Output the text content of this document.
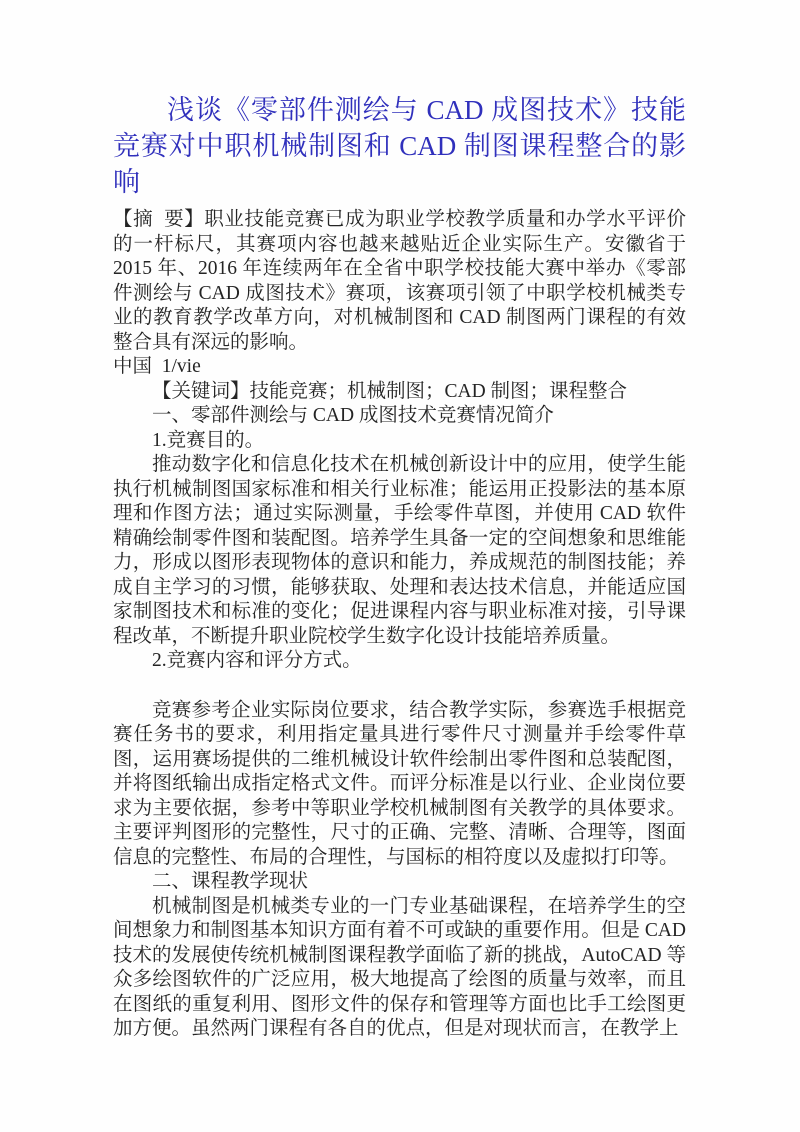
浅谈《零部件测绘与 CAD 成图技术》技能竞赛对中职机械制图和 CAD 制图课程整合的影响

【摘  要】职业技能竞赛已成为职业学校教学质量和办学水平评价的一杆标尺，其赛项内容也越来越贴近企业实际生产。安徽省于 2015 年、2016 年连续两年在全省中职学校技能大赛中举办《零部件测绘与 CAD 成图技术》赛项，该赛项引领了中职学校机械类专业的教育教学改革方向，对机械制图和 CAD 制图两门课程的有效整合具有深远的影响。

中国  1/vie

【关键词】技能竞赛；机械制图；CAD 制图；课程整合

一、零部件测绘与 CAD 成图技术竞赛情况简介

1.竞赛目的。

推动数字化和信息化技术在机械创新设计中的应用，使学生能执行机械制图国家标准和相关行业标准；能运用正投影法的基本原理和作图方法；通过实际测量，手绘零件草图，并使用 CAD 软件精确绘制零件图和装配图。培养学生具备一定的空间想象和思维能力，形成以图形表现物体的意识和能力，养成规范的制图技能；养成自主学习的习惯，能够获取、处理和表达技术信息，并能适应国家制图技术和标准的变化；促进课程内容与职业标准对接，引导课程改革，不断提升职业院校学生数字化设计技能培养质量。

2.竞赛内容和评分方式。

竞赛参考企业实际岗位要求，结合教学实际，参赛选手根据竞赛任务书的要求，利用指定量具进行零件尺寸测量并手绘零件草图，运用赛场提供的二维机械设计软件绘制出零件图和总装配图，并将图纸输出成指定格式文件。而评分标准是以行业、企业岗位要求为主要依据，参考中等职业学校机械制图有关教学的具体要求。主要评判图形的完整性，尺寸的正确、完整、清晰、合理等，图面信息的完整性、布局的合理性，与国标的相符度以及虚拟打印等。

二、课程教学现状

机械制图是机械类专业的一门专业基础课程，在培养学生的空间想象力和制图基本知识方面有着不可或缺的重要作用。但是 CAD 技术的发展使传统机械制图课程教学面临了新的挑战，AutoCAD 等众多绘图软件的广泛应用，极大地提高了绘图的质量与效率，而且在图纸的重复利用、图形文件的保存和管理等方面也比手工绘图更加方便。虽然两门课程有各自的优点，但是对现状而言，在教学上
